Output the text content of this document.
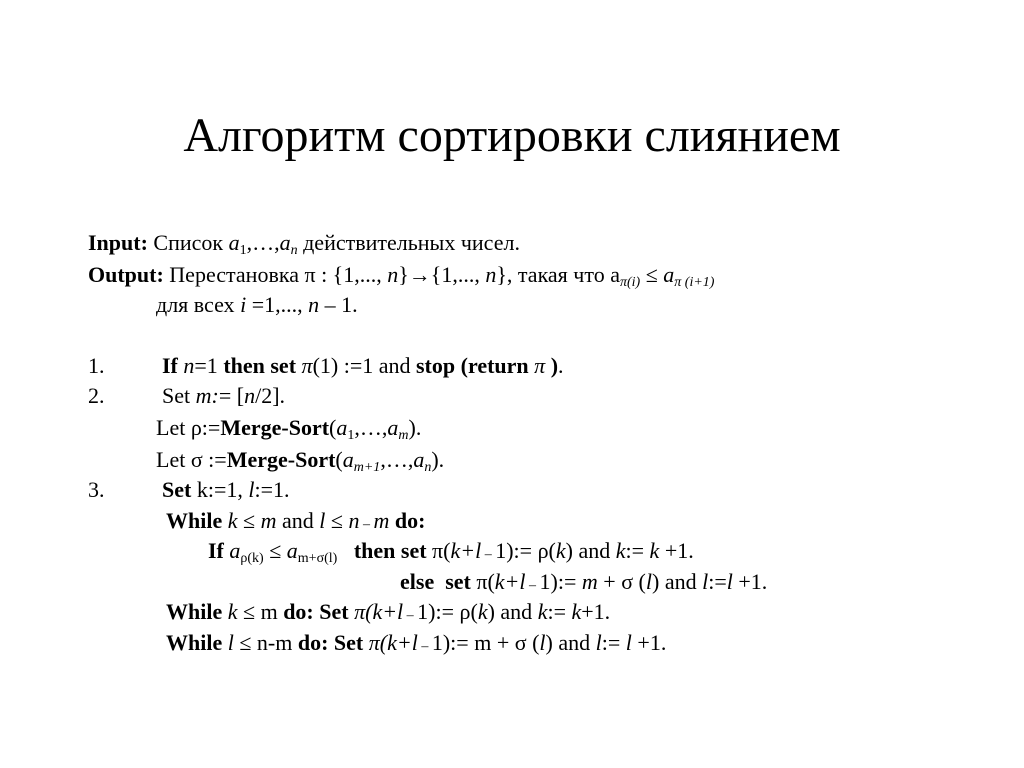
Алгоритм сортировки слиянием
Input: Список $a_1,\dots,a_n$ действительных чисел.
Output: Перестановка π : {1,..., n}→{1,..., n}, такая что $a_{\pi(i)} \le a_{\pi (i+1)}$
для всех i =1,..., n – 1.
1.	If n=1 then set π(1) :=1 and stop (return π ).
2.	Set m:= [n/2].
Let $\rho:=Merge-Sort(a_1,\dots,a_m)$.
Let σ $:=Merge-Sort(a_{m+1},\dots,a_n)$.
3.	Set k:=1, l:=1.
While k ≤ m and l ≤ n – m do:
If $a_{\rho(k)} \le a_{m+\sigma(l)}$   then set π(k+l – 1):= ρ(k) and k:= k +1.
else  set π(k+l – 1):= m + σ (l) and l:=l +1.
While k ≤ m do: Set π(k+l – 1):= ρ(k) and k:= k+1.
While l ≤ n-m do: Set π(k+l – 1):= m + σ (l) and l:= l +1.
